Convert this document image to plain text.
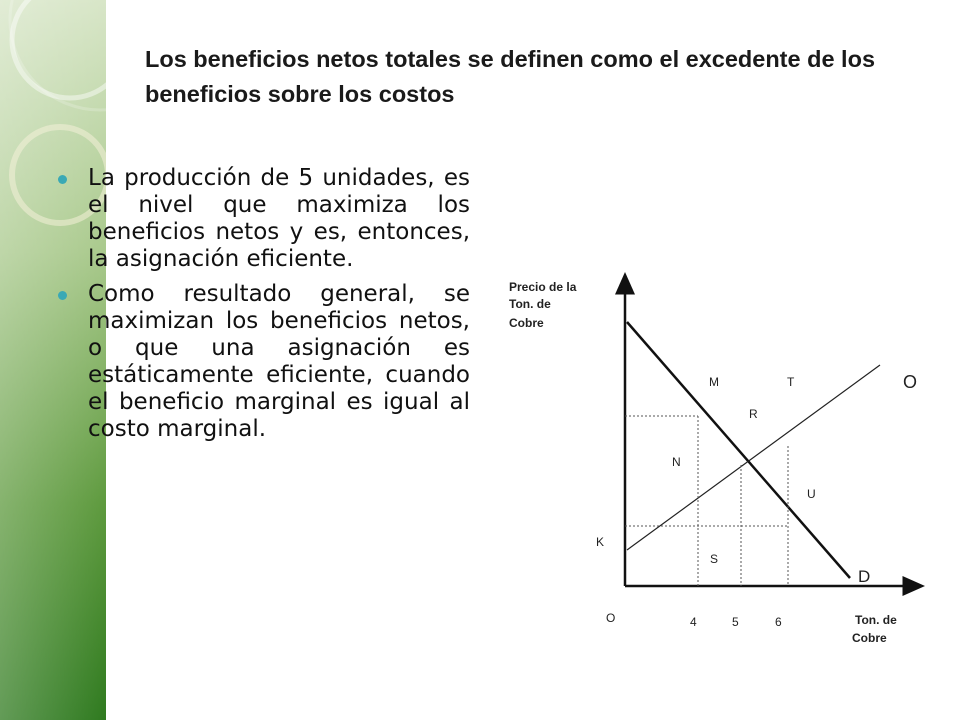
Los beneficios netos totales se definen como el excedente de los beneficios sobre los costos
La producción de 5 unidades, es el nivel que maximiza los beneficios netos y es, entonces, la asignación eficiente.
Como resultado general, se maximizan los beneficios netos, o que una asignación es estáticamente eficiente, cuando el beneficio marginal es igual al costo marginal.
Precio de la
Ton. de
Cobre
Ton. de
Cobre
O	4	5	6
O
D
M	T
R
N
U
K
S
